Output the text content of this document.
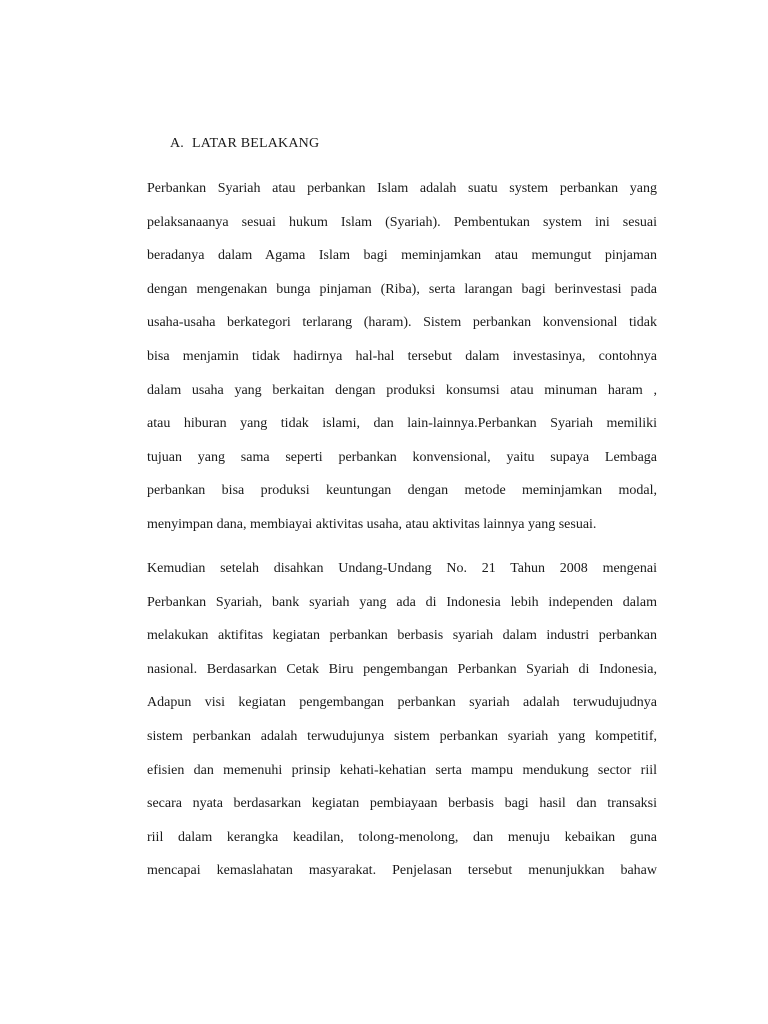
A. LATAR BELAKANG
Perbankan Syariah atau perbankan Islam adalah suatu system perbankan yang
pelaksanaanya sesuai hukum Islam (Syariah). Pembentukan system ini sesuai
beradanya dalam Agama Islam bagi meminjamkan atau memungut pinjaman
dengan mengenakan bunga pinjaman (Riba), serta larangan bagi berinvestasi pada
usaha-usaha berkategori terlarang (haram). Sistem perbankan konvensional tidak
bisa menjamin tidak hadirnya hal-hal tersebut dalam investasinya, contohnya
dalam usaha yang berkaitan dengan produksi konsumsi atau minuman haram ,
atau hiburan yang tidak islami, dan lain-lainnya.Perbankan Syariah memiliki
tujuan yang sama seperti perbankan konvensional, yaitu supaya Lembaga
perbankan bisa produksi keuntungan dengan metode meminjamkan modal,
menyimpan dana, membiayai aktivitas usaha, atau aktivitas lainnya yang sesuai.
Kemudian setelah disahkan Undang-Undang No. 21 Tahun 2008 mengenai
Perbankan Syariah, bank syariah yang ada di Indonesia lebih independen dalam
melakukan aktifitas kegiatan perbankan berbasis syariah dalam industri perbankan
nasional. Berdasarkan Cetak Biru pengembangan Perbankan Syariah di Indonesia,
Adapun visi kegiatan pengembangan perbankan syariah adalah terwudujudnya
sistem perbankan adalah terwudujunya sistem perbankan syariah yang kompetitif,
efisien dan memenuhi prinsip kehati-kehatian serta mampu mendukung sector riil
secara nyata berdasarkan kegiatan pembiayaan berbasis bagi hasil dan transaksi
riil dalam kerangka keadilan, tolong-menolong, dan menuju kebaikan guna
mencapai kemaslahatan masyarakat. Penjelasan tersebut menunjukkan bahaw
